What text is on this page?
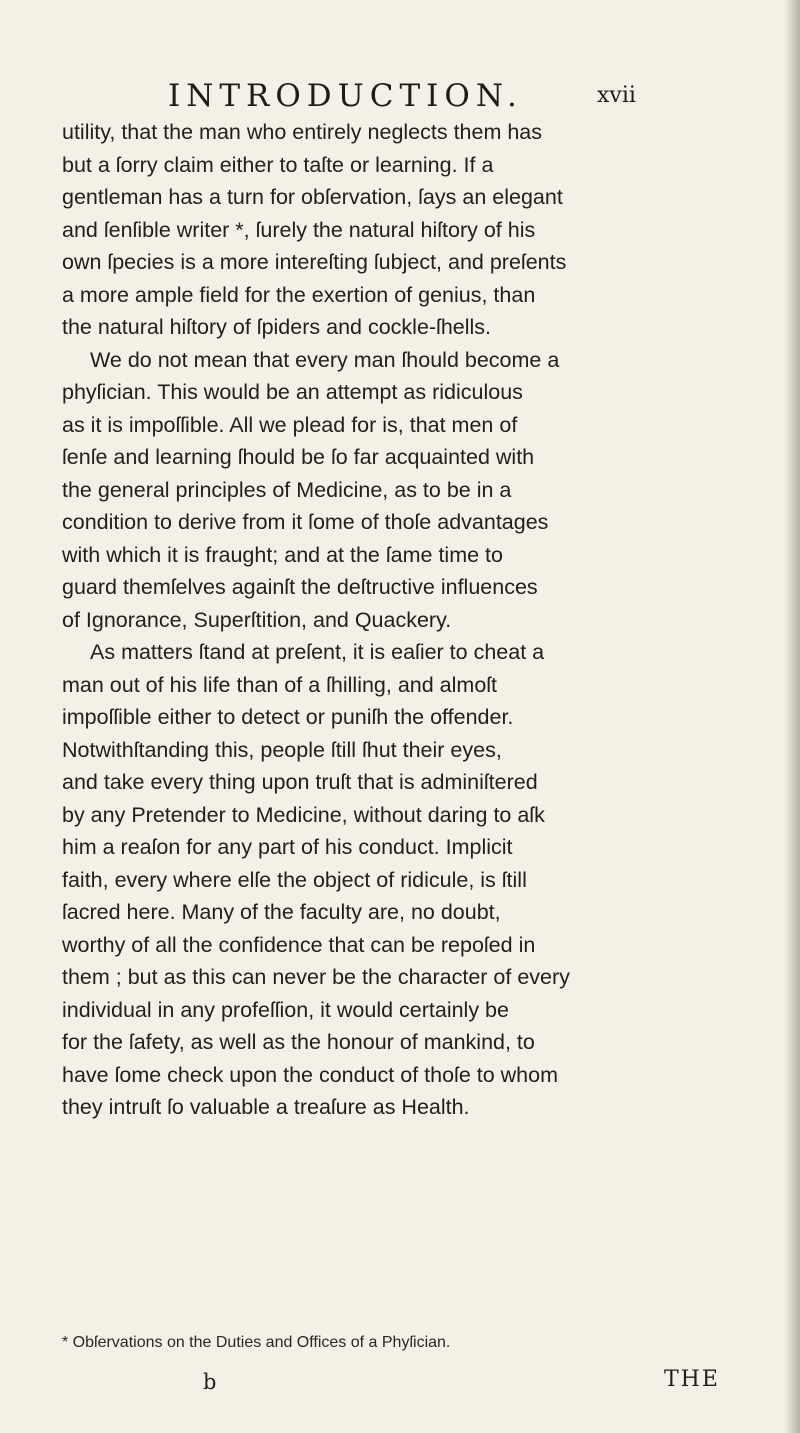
INTRODUCTION.	xvii
utility, that the man who entirely neglects them has
but a ſorry claim either to taſte or learning. If a
gentleman has a turn for obſervation, ſays an elegant
and ſenſible writer *, ſurely the natural hiſtory of his
own ſpecies is a more intereſting ſubject, and preſents
a more ample field for the exertion of genius, than
the natural hiſtory of ſpiders and cockle-ſhells.
We do not mean that every man ſhould become a
phyſician. This would be an attempt as ridiculous
as it is impoſſible. All we plead for is, that men of
ſenſe and learning ſhould be ſo far acquainted with
the general principles of Medicine, as to be in a
condition to derive from it ſome of thoſe advantages
with which it is fraught; and at the ſame time to
guard themſelves againſt the deſtructive influences
of Ignorance, Superſtition, and Quackery.
As matters ſtand at preſent, it is eaſier to cheat a
man out of his life than of a ſhilling, and almoſt
impoſſible either to detect or puniſh the offender.
Notwithſtanding this, people ſtill ſhut their eyes,
and take every thing upon truſt that is adminiſtered
by any Pretender to Medicine, without daring to aſk
him a reaſon for any part of his conduct. Implicit
faith, every where elſe the object of ridicule, is ſtill
ſacred here. Many of the faculty are, no doubt,
worthy of all the confidence that can be repoſed in
them ; but as this can never be the character of every
individual in any profeſſion, it would certainly be
for the ſafety, as well as the honour of mankind, to
have ſome check upon the conduct of thoſe to whom
they intruſt ſo valuable a treaſure as Health.
* Obſervations on the Duties and Offices of a Phyſician.
b	THE
